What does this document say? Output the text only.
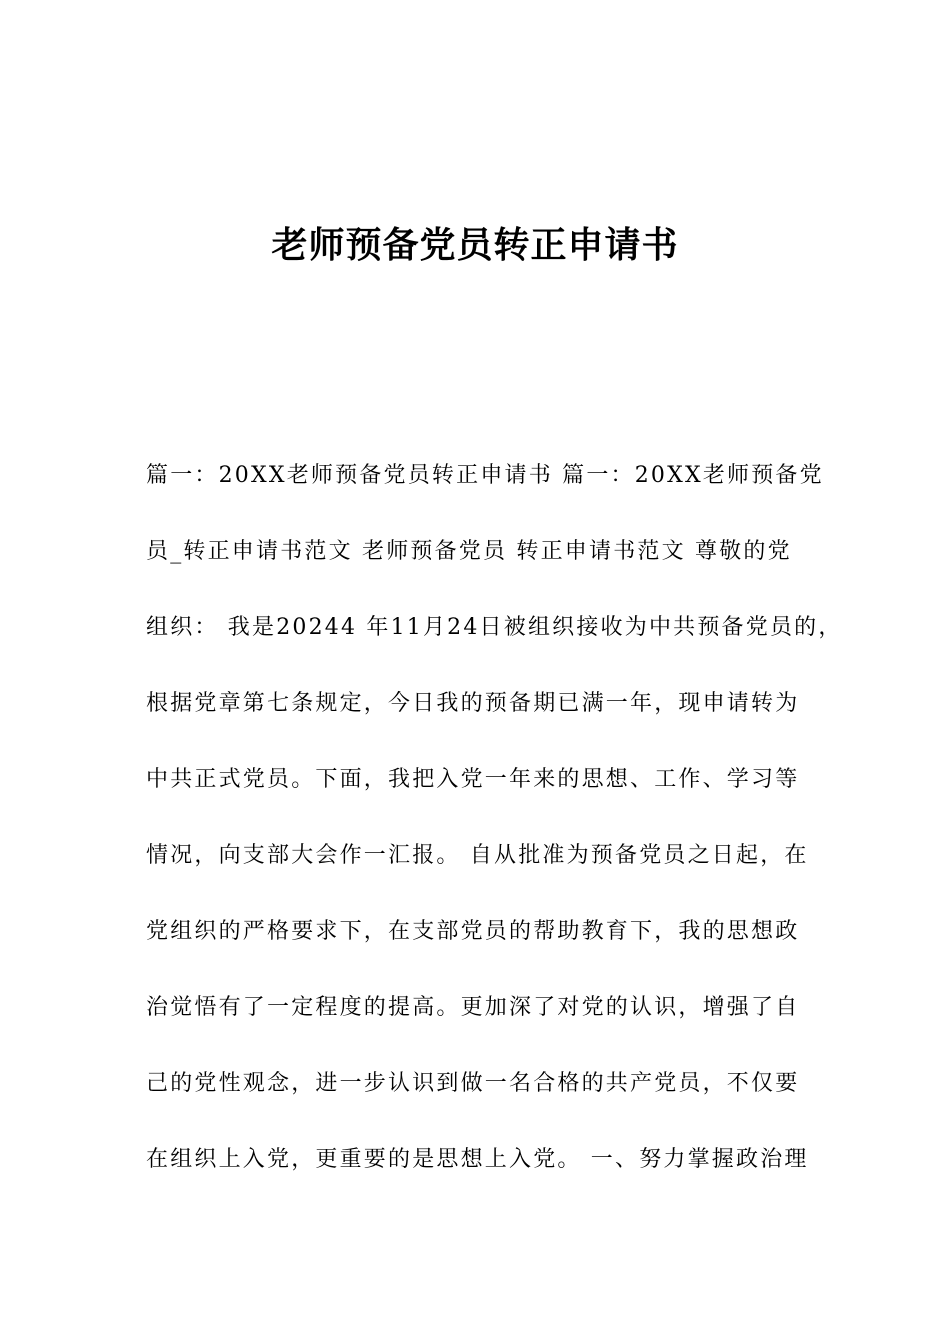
老师预备党员转正申请书
篇一：20XX老师预备党员转正申请书 篇一：20XX老师预备党
员_转正申请书范文 老师预备党员 转正申请书范文 尊敬的党
组织： 我是20244 年11月24日被组织接收为中共预备党员的，
根据党章第七条规定，今日我的预备期已满一年，现申请转为
中共正式党员。下面，我把入党一年来的思想、工作、学习等
情况，向支部大会作一汇报。 自从批准为预备党员之日起，在
党组织的严格要求下，在支部党员的帮助教育下，我的思想政
治觉悟有了一定程度的提高。更加深了对党的认识，增强了自
己的党性观念，进一步认识到做一名合格的共产党员，不仅要
在组织上入党，更重要的是思想上入党。 一、努力掌握政治理
